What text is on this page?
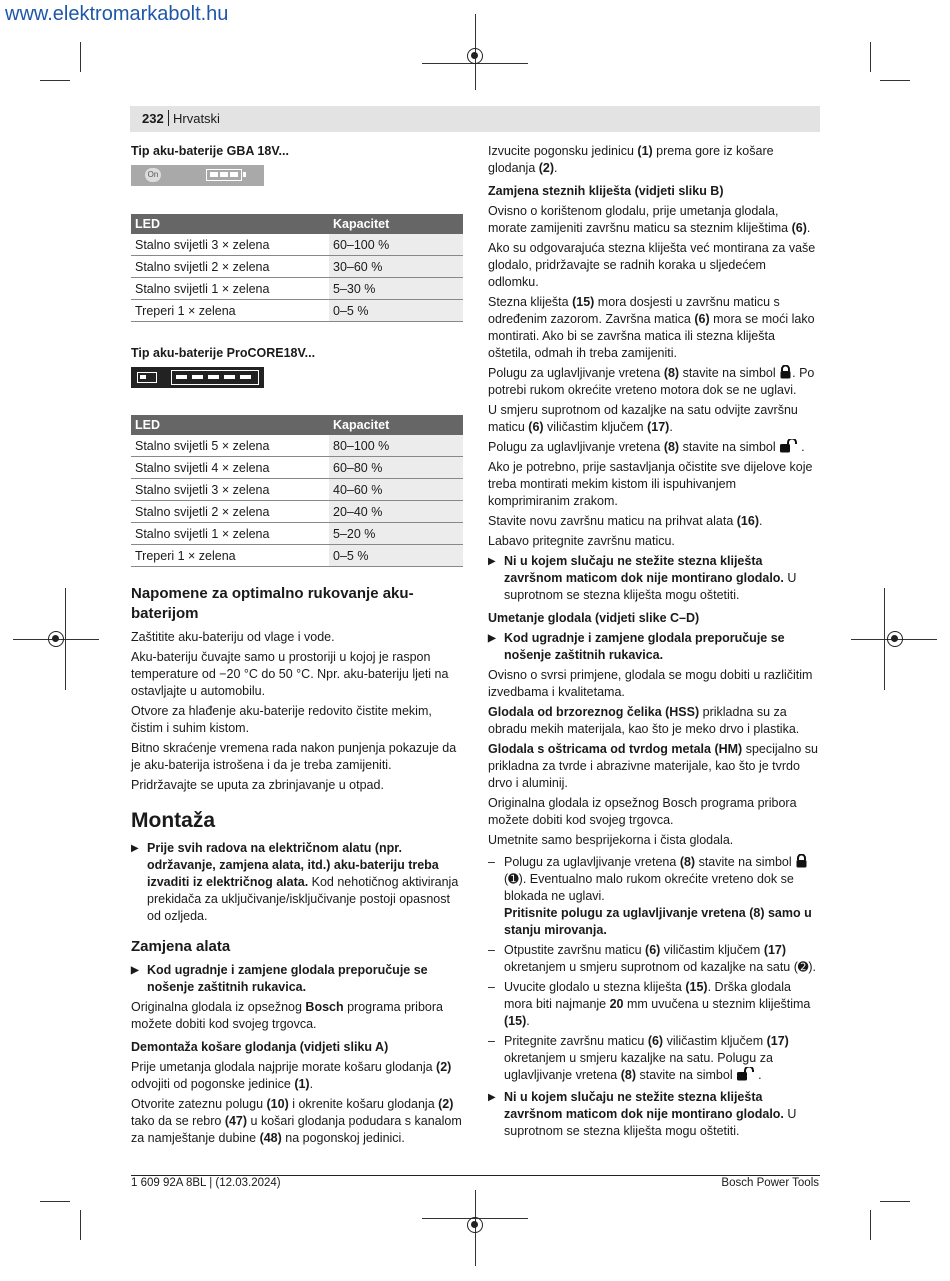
www.elektromarkabolt.hu
232 Hrvatski
Tip aku-baterije GBA 18V...
On
LED	Kapacitet
Stalno svijetli 3 × zelena	60–100 %
Stalno svijetli 2 × zelena	30–60 %
Stalno svijetli 1 × zelena	5–30 %
Treperi 1 × zelena	0–5 %
Tip aku-baterije ProCORE18V...
LED	Kapacitet
Stalno svijetli 5 × zelena	80–100 %
Stalno svijetli 4 × zelena	60–80 %
Stalno svijetli 3 × zelena	40–60 %
Stalno svijetli 2 × zelena	20–40 %
Stalno svijetli 1 × zelena	5–20 %
Treperi 1 × zelena	0–5 %

Napomene za optimalno rukovanje aku-baterijom

Zaštitite aku-bateriju od vlage i vode.

Aku-bateriju čuvajte samo u prostoriji u kojoj je raspon temperature od −20 °C do 50 °C. Npr. aku-bateriju ljeti na ostavljajte u automobilu.

Otvore za hlađenje aku-baterije redovito čistite mekim, čistim i suhim kistom.

Bitno skraćenje vremena rada nakon punjenja pokazuje da je aku-baterija istrošena i da je treba zamijeniti.

Pridržavajte se uputa za zbrinjavanje u otpad.

Montaža

▶ Prije svih radova na električnom alatu (npr. održavanje, zamjena alata, itd.) aku-bateriju treba izvaditi iz električnog alata. Kod nehotičnog aktiviranja prekidača za uključivanje/isključivanje postoji opasnost od ozljeda.

Zamjena alata

▶ Kod ugradnje i zamjene glodala preporučuje se nošenje zaštitnih rukavica.

Originalna glodala iz opsežnog Bosch programa pribora možete dobiti kod svojeg trgovca.

Demontaža košare glodanja (vidjeti sliku A)

Prije umetanja glodala najprije morate košaru glodanja (2) odvojiti od pogonske jedinice (1).

Otvorite zateznu polugu (10) i okrenite košaru glodanja (2) tako da se rebro (47) u košari glodanja podudara s kanalom za namještanje dubine (48) na pogonskoj jedinici.

Izvucite pogonsku jedinicu (1) prema gore iz košare glodanja (2).

Zamjena steznih kliješta (vidjeti sliku B)

Ovisno o korištenom glodalu, prije umetanja glodala, morate zamijeniti završnu maticu sa steznim kliještima (6).

Ako su odgovarajuća stezna kliješta već montirana za vaše glodalo, pridržavajte se radnih koraka u sljedećem odlomku.

Stezna kliješta (15) mora dosjesti u završnu maticu s određenim zazorom. Završna matica (6) mora se moći lako montirati. Ako bi se završna matica ili stezna kliješta oštetila, odmah ih treba zamijeniti.

Polugu za uglavljivanje vretena (8) stavite na simbol . Po potrebi rukom okrećite vreteno motora dok se ne uglavi.

U smjeru suprotnom od kazaljke na satu odvijte završnu maticu (6) viličastim ključem (17).

Polugu za uglavljivanje vretena (8) stavite na simbol .

Ako je potrebno, prije sastavljanja očistite sve dijelove koje treba montirati mekim kistom ili ispuhivanjem komprimiranim zrakom.

Stavite novu završnu maticu na prihvat alata (16).

Labavo pritegnite završnu maticu.

▶ Ni u kojem slučaju ne stežite stezna kliješta završnom maticom dok nije montirano glodalo. U suprotnom se stezna kliješta mogu oštetiti.

Umetanje glodala (vidjeti slike C–D)

▶ Kod ugradnje i zamjene glodala preporučuje se nošenje zaštitnih rukavica.

Ovisno o svrsi primjene, glodala se mogu dobiti u različitim izvedbama i kvalitetama.

Glodala od brzoreznog čelika (HSS) prikladna su za obradu mekih materijala, kao što je meko drvo i plastika.

Glodala s oštricama od tvrdog metala (HM) specijalno su prikladna za tvrde i abrazivne materijale, kao što je tvrdo drvo i aluminij.

Originalna glodala iz opsežnog Bosch programa pribora možete dobiti kod svojeg trgovca.

Umetnite samo besprijekorna i čista glodala.

– Polugu za uglavljivanje vretena (8) stavite na simbol  (➊). Eventualno malo rukom okrećite vreteno dok se blokada ne uglavi.
Pritisnite polugu za uglavljivanje vretena (8) samo u stanju mirovanja.

– Otpustite završnu maticu (6) viličastim ključem (17) okretanjem u smjeru suprotnom od kazaljke na satu (➋).

– Uvucite glodalo u stezna kliješta (15). Drška glodala mora biti najmanje 20 mm uvučena u steznim kliještima (15).

– Pritegnite završnu maticu (6) viličastim ključem (17) okretanjem u smjeru kazaljke na satu. Polugu za uglavljivanje vretena (8) stavite na simbol .

▶ Ni u kojem slučaju ne stežite stezna kliješta završnom maticom dok nije montirano glodalo. U suprotnom se stezna kliješta mogu oštetiti.

1 609 92A 8BL | (12.03.2024)	Bosch Power Tools
